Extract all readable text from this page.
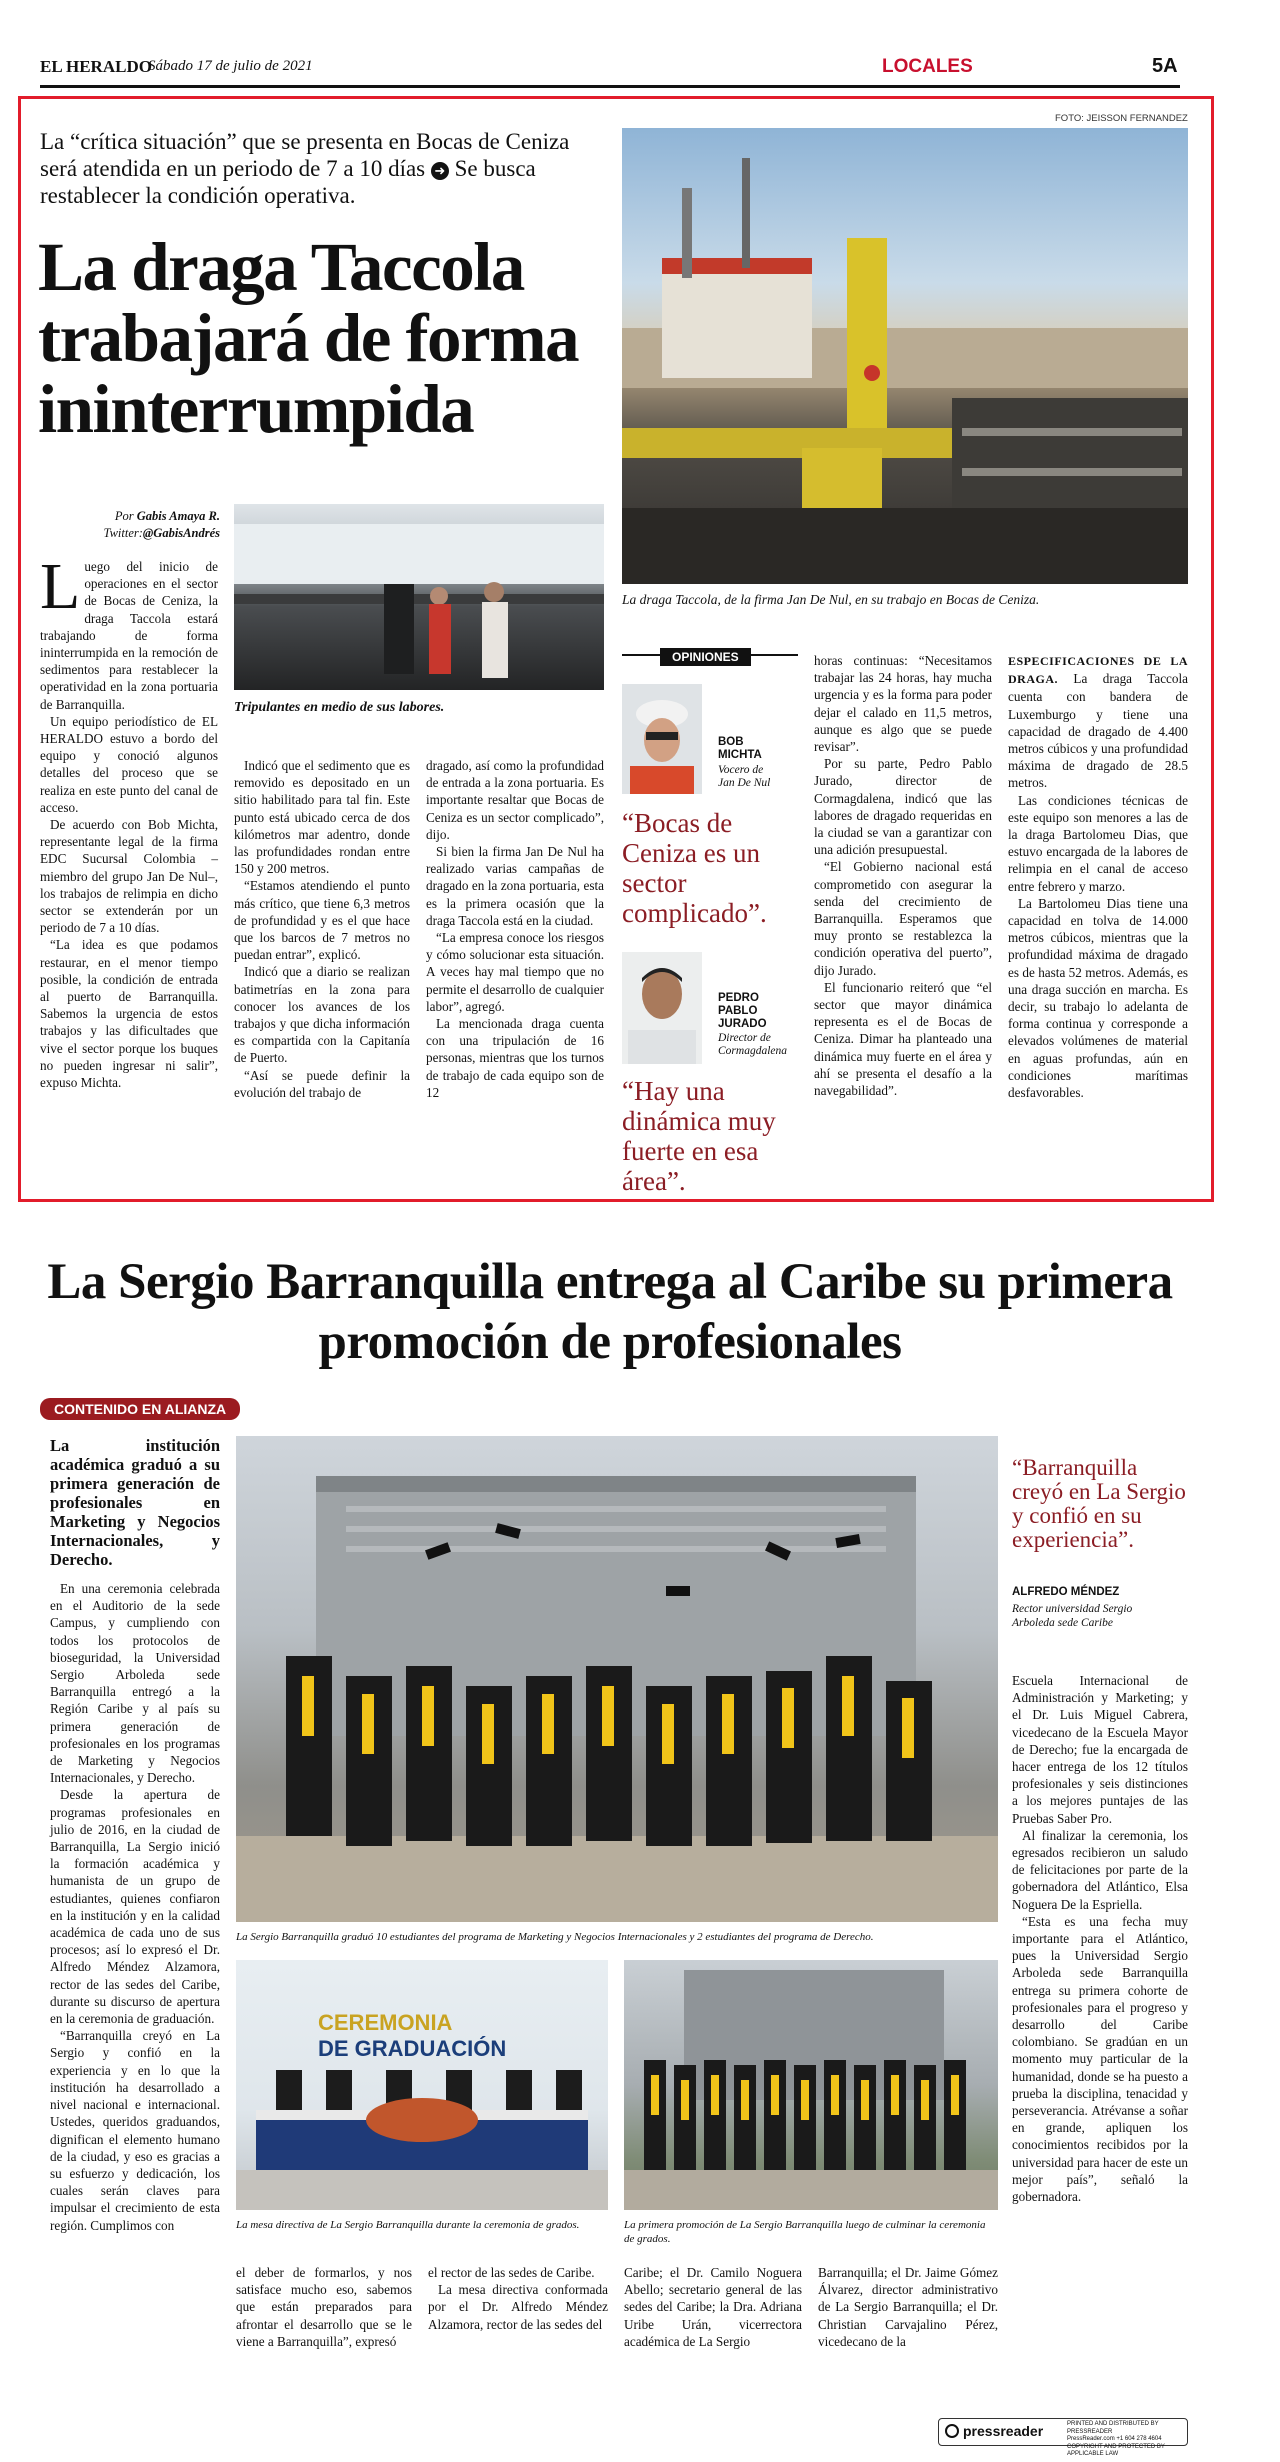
EL HERALDO
Sábado 17 de julio de 2021	LOCALES	5A
La “crítica situación” que se presenta en Bocas de Ceniza será atendida en un periodo de 7 a 10 días ➜ Se busca restablecer la condición operativa.
La draga Taccola trabajará de forma ininterrumpida
FOTO: JEISSON FERNANDEZ
La draga Taccola, de la firma Jan De Nul, en su trabajo en Bocas de Ceniza.
Por Gabis Amaya R.
Twitter:@GabisAndrés
Tripulantes en medio de sus labores.
L uego del inicio de operaciones en el sector de Bocas de Ceniza, la draga Taccola estará trabajando de forma ininterrumpida en la remoción de sedimentos para restablecer la operatividad en la zona portuaria de Barranquilla.

Un equipo periodístico de EL HERALDO estuvo a bordo del equipo y conoció algunos detalles del proceso que se realiza en este punto del canal de acceso.

De acuerdo con Bob Michta, representante legal de la firma EDC Sucursal Colombia –miembro del grupo Jan De Nul–, los trabajos de relimpia en dicho sector se extenderán por un periodo de 7 a 10 días.

“La idea es que podamos restaurar, en el menor tiempo posible, la condición de entrada al puerto de Barranquilla. Sabemos la urgencia de estos trabajos y las dificultades que vive el sector porque los buques no pueden ingresar ni salir”, expuso Michta.

Indicó que el sedimento que es removido es depositado en un sitio habilitado para tal fin. Este punto está ubicado cerca de dos kilómetros mar adentro, donde las profundidades rondan entre 150 y 200 metros.

“Estamos atendiendo el punto más crítico, que tiene 6,3 metros de profundidad y es el que hace que los barcos de 7 metros no puedan entrar”, explicó.

Indicó que a diario se realizan batimetrías en la zona para conocer los avances de los trabajos y que dicha información es compartida con la Capitanía de Puerto.

“Así se puede definir la evolución del trabajo de

dragado, así como la profundidad de entrada a la zona portuaria. Es importante resaltar que Bocas de Ceniza es un sector complicado”, dijo.

Si bien la firma Jan De Nul ha realizado varias campañas de dragado en la zona portuaria, esta es la primera ocasión que la draga Taccola está en la ciudad.

“La empresa conoce los riesgos y cómo solucionar esta situación. A veces hay mal tiempo que no permite el desarrollo de cualquier labor”, agregó.

La mencionada draga cuenta con una tripulación de 16 personas, mientras que los turnos de trabajo de cada equipo son de 12

OPINIONES
BOB
MICHTA
Vocero de
Jan De Nul
“Bocas de Ceniza es un sector complicado”.
PEDRO
PABLO
JURADO
Director de
Cormagdalena
“Hay una dinámica muy fuerte en esa área”.

horas continuas: “Necesitamos trabajar las 24 horas, hay mucha urgencia y es la forma para poder dejar el calado en 11,5 metros, aunque es algo que se puede revisar”.

Por su parte, Pedro Pablo Jurado, director de Cormagdalena, indicó que las labores de dragado requeridas en la ciudad se van a garantizar con una adición presupuestal.

“El Gobierno nacional está comprometido con asegurar la senda del crecimiento de Barranquilla. Esperamos que muy pronto se restablezca la condición operativa del puerto”, dijo Jurado.

El funcionario reiteró que “el sector que mayor dinámica representa es el de Bocas de Ceniza. Dimar ha planteado una dinámica muy fuerte en el área y ahí se presenta el desafío a la navegabilidad”.

ESPECIFICACIONES DE LA DRAGA. La draga Taccola cuenta con bandera de Luxemburgo y tiene una capacidad de dragado de 4.400 metros cúbicos y una profundidad máxima de dragado de 28.5 metros.

Las condiciones técnicas de este equipo son menores a las de la draga Bartolomeu Dias, que estuvo encargada de la labores de relimpia en el canal de acceso entre febrero y marzo.

La Bartolomeu Dias tiene una capacidad en tolva de 14.000 metros cúbicos, mientras que la profundidad máxima de dragado es de hasta 52 metros. Además, es una draga succión en marcha. Es decir, su trabajo lo adelanta de forma continua y corresponde a elevados volúmenes de material en aguas profundas, aún en condiciones marítimas desfavorables.

La Sergio Barranquilla entrega al Caribe su primera promoción de profesionales
CONTENIDO EN ALIANZA
La institución académica graduó a su primera generación de profesionales en Marketing y Negocios Internacionales, y Derecho.

En una ceremonia celebrada en el Auditorio de la sede Campus, y cumpliendo con todos los protocolos de bioseguridad, la Universidad Sergio Arboleda sede Barranquilla entregó a la Región Caribe y al país su primera generación de profesionales en los programas de Marketing y Negocios Internacionales, y Derecho.

Desde la apertura de programas profesionales en julio de 2016, en la ciudad de Barranquilla, La Sergio inició la formación académica y humanista de un grupo de estudiantes, quienes confiaron en la institución y en la calidad académica de cada uno de sus procesos; así lo expresó el Dr. Alfredo Méndez Alzamora, rector de las sedes del Caribe, durante su discurso de apertura en la ceremonia de graduación.

“Barranquilla creyó en La Sergio y confió en la experiencia y en lo que la institución ha desarrollado a nivel nacional e internacional. Ustedes, queridos graduandos, dignifican el elemento humano de la ciudad, y eso es gracias a su esfuerzo y dedicación, los cuales serán claves para impulsar el crecimiento de esta región. Cumplimos con

La Sergio Barranquilla graduó 10 estudiantes del programa de Marketing y Negocios Internacionales y 2 estudiantes del programa de Derecho.
CEREMONIA
DE GRADUACIÓN
La mesa directiva de La Sergio Barranquilla durante la ceremonia de grados.	La primera promoción de La Sergio Barranquilla luego de culminar la ceremonia de grados.

el deber de formarlos, y nos satisface mucho eso, sabemos que están preparados para afrontar el desarrollo que se le viene a Barranquilla”, expresó

el rector de las sedes de Caribe.

La mesa directiva conformada por el Dr. Alfredo Méndez Alzamora, rector de las sedes del

Caribe; el Dr. Camilo Noguera Abello; secretario general de las sedes del Caribe; la Dra. Adriana Uribe Urán, vicerrectora académica de La Sergio

Barranquilla; el Dr. Jaime Gómez Álvarez, director administrativo de La Sergio Barranquilla; el Dr. Christian Carvajalino Pérez, vicedecano de la

“Barranquilla creyó en La Sergio y confió en su experiencia”.
ALFREDO MÉNDEZ
Rector universidad Sergio Arboleda sede Caribe

Escuela Internacional de Administración y Marketing; y el Dr. Luis Miguel Cabrera, vicedecano de la Escuela Mayor de Derecho; fue la encargada de hacer entrega de los 12 títulos profesionales y seis distinciones a los mejores puntajes de las Pruebas Saber Pro.

Al finalizar la ceremonia, los egresados recibieron un saludo de felicitaciones por parte de la gobernadora del Atlántico, Elsa Noguera De la Espriella.

“Esta es una fecha muy importante para el Atlántico, pues la Universidad Sergio Arboleda sede Barranquilla entrega su primera cohorte de profesionales para el progreso y desarrollo del Caribe colombiano. Se gradúan en un momento muy particular de la humanidad, donde se ha puesto a prueba la disciplina, tenacidad y perseverancia. Atrévanse a soñar en grande, apliquen los conocimientos recibidos por la universidad para hacer de este un mejor país”, señaló la gobernadora.

pressreader	PRINTED AND DISTRIBUTED BY PRESSREADER
PressReader.com +1 604 278 4604
COPYRIGHT AND PROTECTED BY APPLICABLE LAW
